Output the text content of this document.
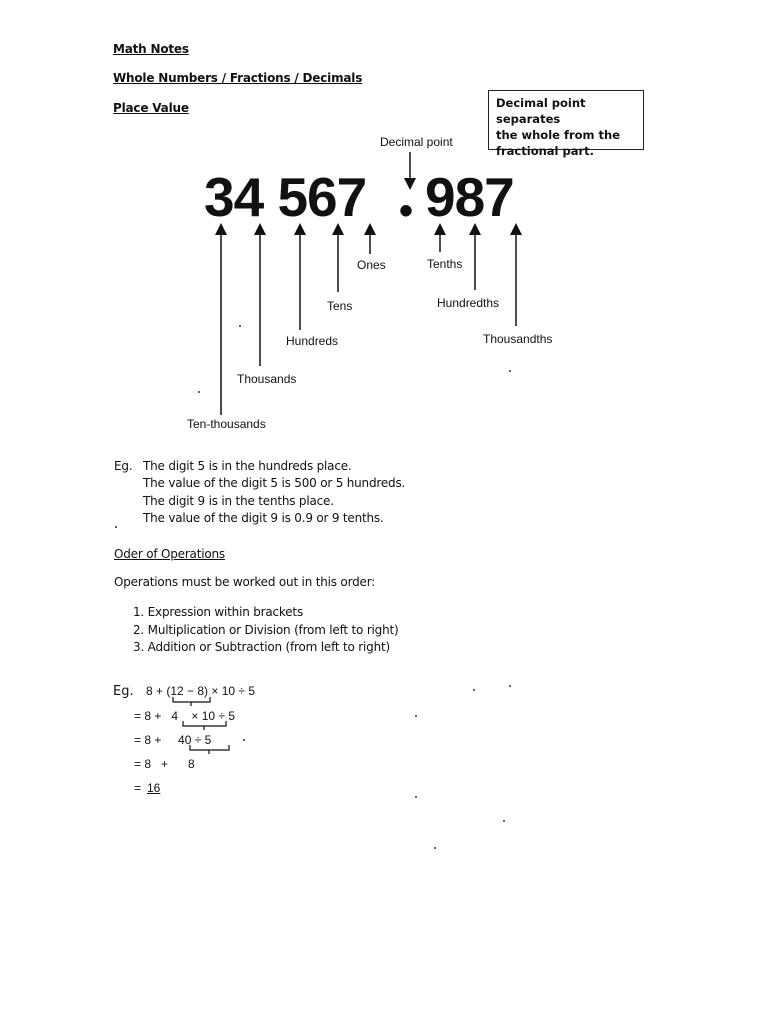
Math Notes
Whole Numbers / Fractions / Decimals
Place Value	Decimal point separates
the whole from the
fractional part.
Decimal point
34 567 • 987
Ones
Tens
Hundreds
Thousands
Ten-thousands
Tenths
Hundredths
Thousandths
Eg. The digit 5 is in the hundreds place.
The value of the digit 5 is 500 or 5 hundreds.
The digit 9 is in the tenths place.
The value of the digit 9 is 0.9 or 9 tenths.
Oder of Operations
Operations must be worked out in this order:
1. Expression within brackets
2. Multiplication or Division (from left to right)
3. Addition or Subtraction (from left to right)
Eg. 8 + (12 − 8) × 10 ÷ 5
= 8 +   4    × 10 ÷ 5
= 8 +     40 ÷ 5
= 8   +      8
= 16
